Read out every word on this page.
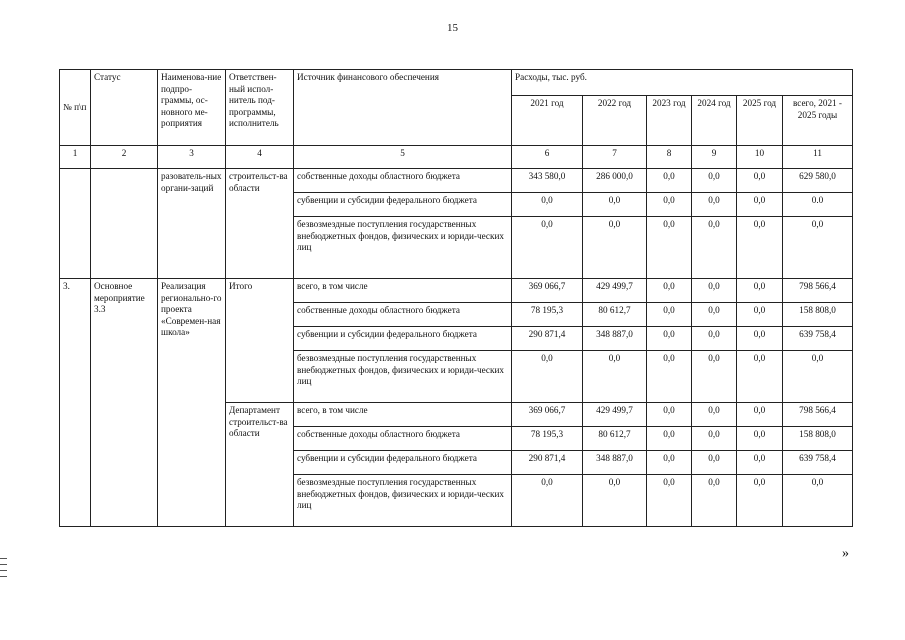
15
№ п\п	Статус	Наименова-ние подпро-граммы, ос-новного ме-роприятия	Ответствен-ный испол-нитель под-программы, исполнитель	Источник финансового обеспечения	Расходы, тыс. руб.					
					2021 год	2022 год	2023 год	2024 год	2025 год	всего, 2021 - 2025 годы
1	2	3	4	5	6	7	8	9	10	11
		разователь-ных органи-заций	строительст-ва области	собственные доходы областного бюджета	343 580,0	286 000,0	0,0	0,0	0,0	629 580,0
				субвенции и субсидии федерального бюджета	0,0	0,0	0,0	0,0	0,0	0.0
				безвозмездные поступления государственных внебюджетных фондов, физических и юриди-ческих лиц	0,0	0,0	0,0	0,0	0,0	0,0
3.	Основное мероприятие 3.3	Реализация регионально-го проекта «Современ-ная школа»	Итого	всего, в том числе	369 066,7	429 499,7	0,0	0,0	0,0	798 566,4
				собственные доходы областного бюджета	78 195,3	80 612,7	0,0	0,0	0,0	158 808,0
				субвенции и субсидии федерального бюджета	290 871,4	348 887,0	0,0	0,0	0,0	639 758,4
				безвозмездные поступления государственных внебюджетных фондов, физических и юриди-ческих лиц	0,0	0,0	0,0	0,0	0,0	0,0
			Департамент строительст-ва области	всего, в том числе	369 066,7	429 499,7	0,0	0,0	0,0	798 566,4
				собственные доходы областного бюджета	78 195,3	80 612,7	0,0	0,0	0,0	158 808,0
				субвенции и субсидии федерального бюджета	290 871,4	348 887,0	0,0	0,0	0,0	639 758,4
				безвозмездные поступления государственных внебюджетных фондов, физических и юриди-ческих лиц	0,0	0,0	0,0	0,0	0,0	0,0
»
